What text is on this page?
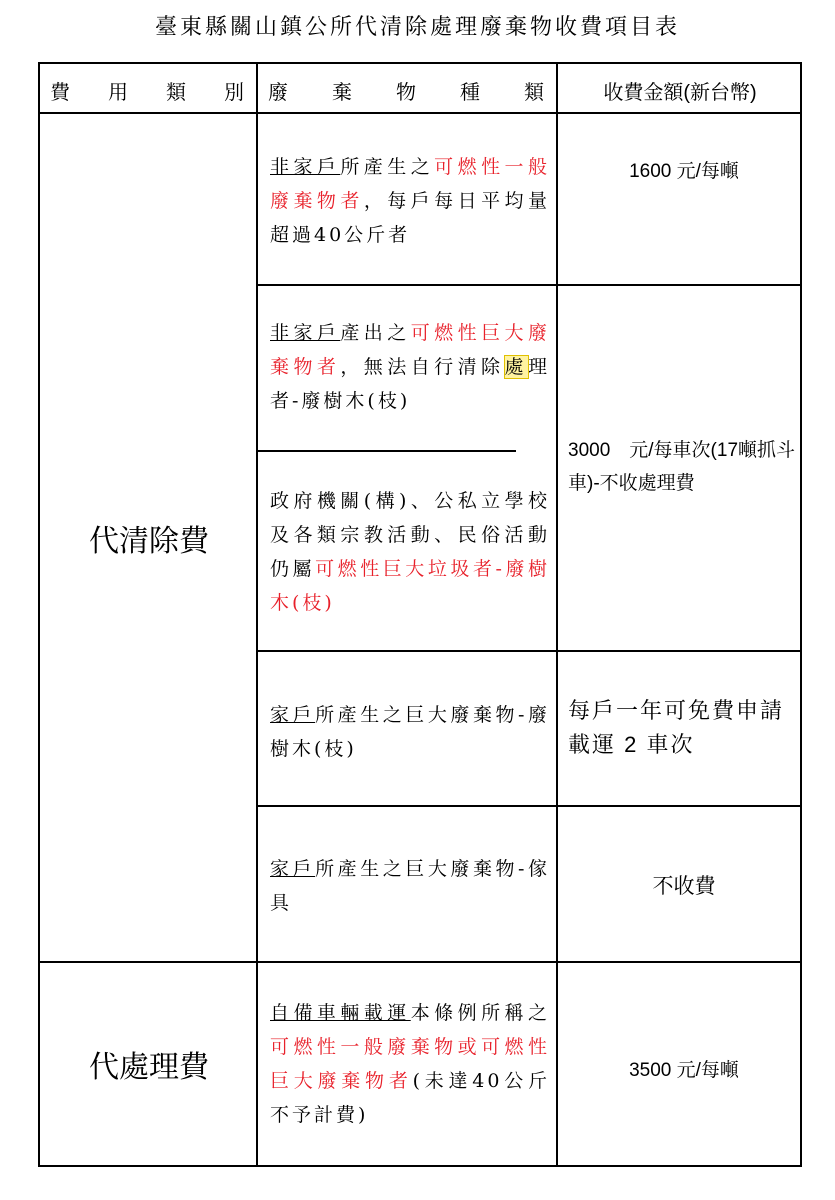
臺東縣關山鎮公所代清除處理廢棄物收費項目表
費 用 類 別 廢 棄 物 種 類	收費金額(新台幣)
代清除費
代處理費
非家戶所產生之可燃性一般廢棄物者，每戶每日平均量超過40公斤者
1600 元/每噸
非家戶產出之可燃性巨大廢棄物者，無法自行清除處理者-廢樹木(枝)
3000　元/每車次(17噸抓斗車)-不收處理費
政府機關(構)、公私立學校及各類宗教活動、民俗活動仍屬可燃性巨大垃圾者-廢樹木(枝)
家戶所產生之巨大廢棄物-廢樹木(枝)
每戶一年可免費申請載運 2 車次
家戶所產生之巨大廢棄物-傢具
不收費
自備車輛載運本條例所稱之可燃性一般廢棄物或可燃性巨大廢棄物者(未達40公斤不予計費)
3500 元/每噸
